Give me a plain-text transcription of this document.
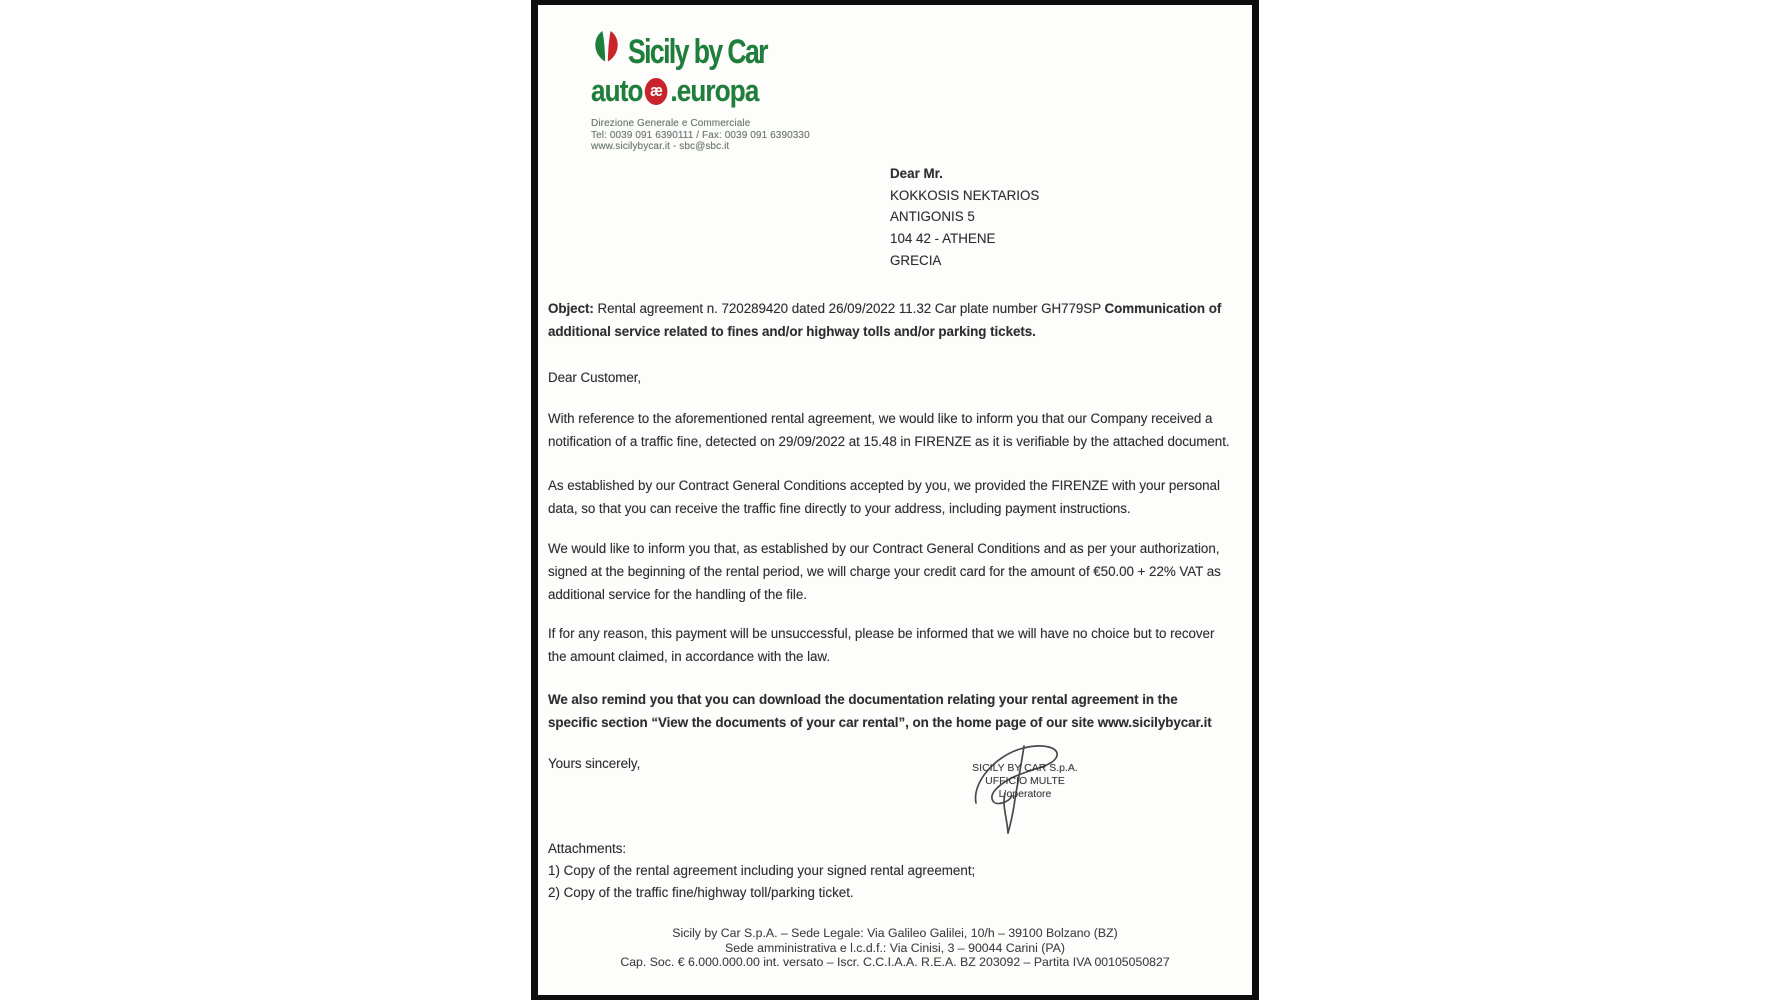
Sicily by Car
auto æ .europa
Direzione Generale e Commerciale
Tel: 0039 091 6390111 / Fax: 0039 091 6390330
www.sicilybycar.it - sbc@sbc.it
Dear Mr.
KOKKOSIS NEKTARIOS
ANTIGONIS 5
104 42 - ATHENE
GRECIA
Object: Rental agreement n. 720289420 dated 26/09/2022 11.32 Car plate number GH779SP Communication of additional service related to fines and/or highway tolls and/or parking tickets.
Dear Customer,
With reference to the aforementioned rental agreement, we would like to inform you that our Company received a notification of a traffic fine, detected on 29/09/2022 at 15.48 in FIRENZE as it is verifiable by the attached document.
As established by our Contract General Conditions accepted by you, we provided the FIRENZE with your personal data, so that you can receive the traffic fine directly to your address, including payment instructions.
We would like to inform you that, as established by our Contract General Conditions and as per your authorization, signed at the beginning of the rental period, we will charge your credit card for the amount of €50.00 + 22% VAT as additional service for the handling of the file.
If for any reason, this payment will be unsuccessful, please be informed that we will have no choice but to recover the amount claimed, in accordance with the law.
We also remind you that you can download the documentation relating your rental agreement in the specific section “View the documents of your car rental”, on the home page of our site www.sicilybycar.it
Yours sincerely,	SICILY BY CAR S.p.A.
UFFICIO MULTE
L'operatore
Attachments:
1) Copy of the rental agreement including your signed rental agreement;
2) Copy of the traffic fine/highway toll/parking ticket.
Sicily by Car S.p.A. – Sede Legale: Via Galileo Galilei, 10/h – 39100 Bolzano (BZ)
Sede amministrativa e l.c.d.f.: Via Cinisi, 3 – 90044 Carini (PA)
Cap. Soc. € 6.000.000.00 int. versato – Iscr. C.C.I.A.A. R.E.A. BZ 203092 – Partita IVA 00105050827
